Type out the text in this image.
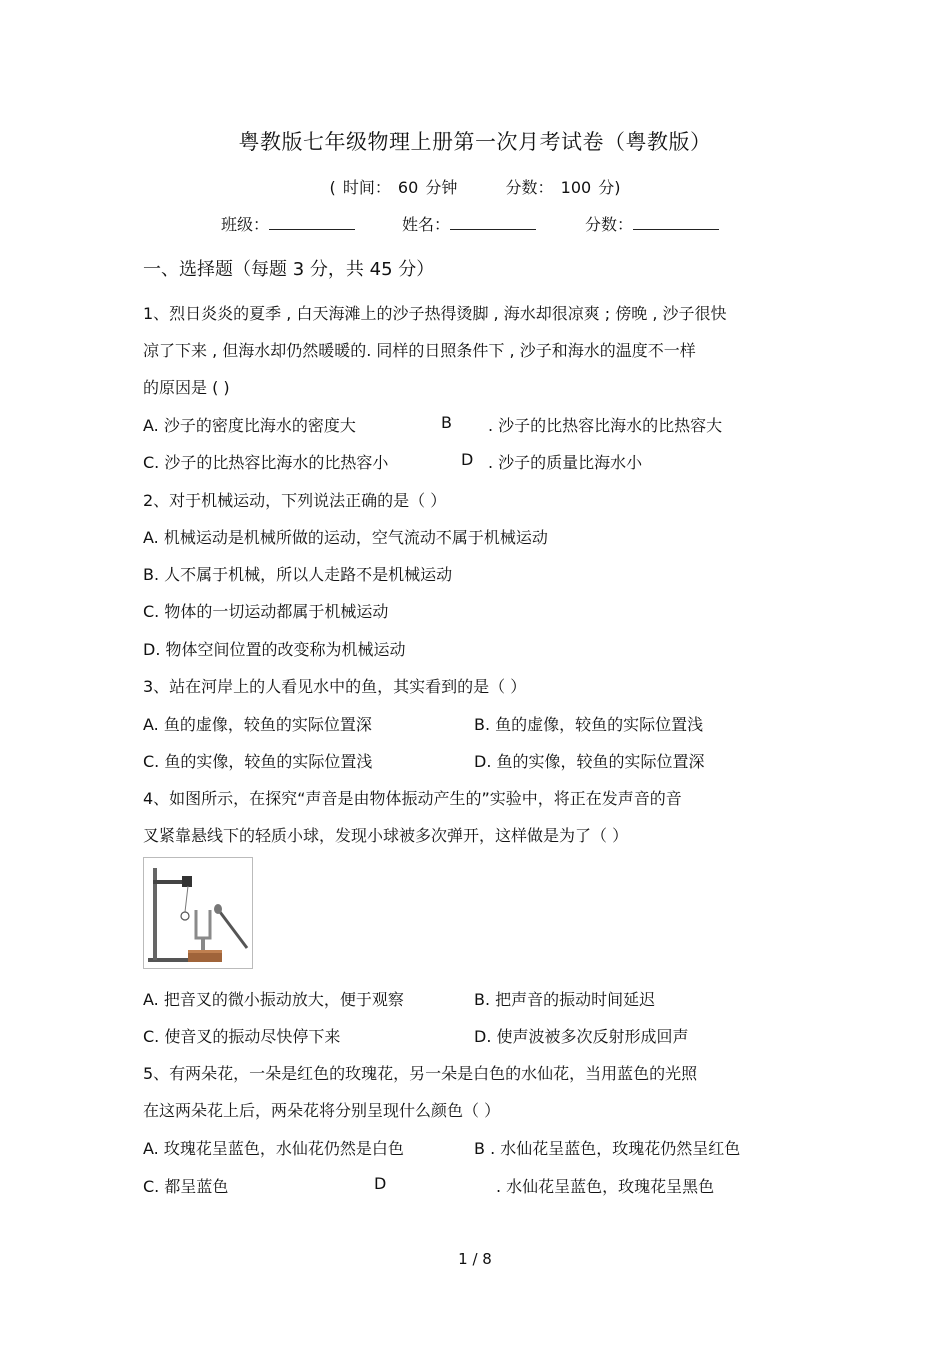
粤教版七年级物理上册第一次月考试卷（粤教版）
( 时间： 60 分钟	分数： 100 分)
班级：	姓名：	分数：
一、选择题（每题 3 分，共 45 分）
1、烈日炎炎的夏季 , 白天海滩上的沙子热得烫脚 , 海水却很凉爽 ; 傍晚 , 沙子很快
凉了下来 , 但海水却仍然暖暖的. 同样的日照条件下 , 沙子和海水的温度不一样
的原因是 ( )
A. 沙子的密度比海水的密度大	B . 沙子的比热容比海水的比热容大
C. 沙子的比热容比海水的比热容小	D . 沙子的质量比海水小
2、对于机械运动，下列说法正确的是（ ）
A. 机械运动是机械所做的运动，空气流动不属于机械运动
B. 人不属于机械，所以人走路不是机械运动
C. 物体的一切运动都属于机械运动
D. 物体空间位置的改变称为机械运动
3、站在河岸上的人看见水中的鱼，其实看到的是（ ）
A. 鱼的虚像，较鱼的实际位置深	B. 鱼的虚像，较鱼的实际位置浅
C. 鱼的实像，较鱼的实际位置浅	D. 鱼的实像，较鱼的实际位置深
4、如图所示，在探究“声音是由物体振动产生的”实验中，将正在发声音的音
叉紧靠悬线下的轻质小球，发现小球被多次弹开，这样做是为了（ ）
A. 把音叉的微小振动放大，便于观察	B. 把声音的振动时间延迟
C. 使音叉的振动尽快停下来	D. 使声波被多次反射形成回声
5、有两朵花，一朵是红色的玫瑰花，另一朵是白色的水仙花，当用蓝色的光照
在这两朵花上后，两朵花将分别呈现什么颜色（ ）
A. 玫瑰花呈蓝色，水仙花仍然是白色	B . 水仙花呈蓝色，玫瑰花仍然呈红色
C. 都呈蓝色	D	. 水仙花呈蓝色，玫瑰花呈黑色
1 / 8
